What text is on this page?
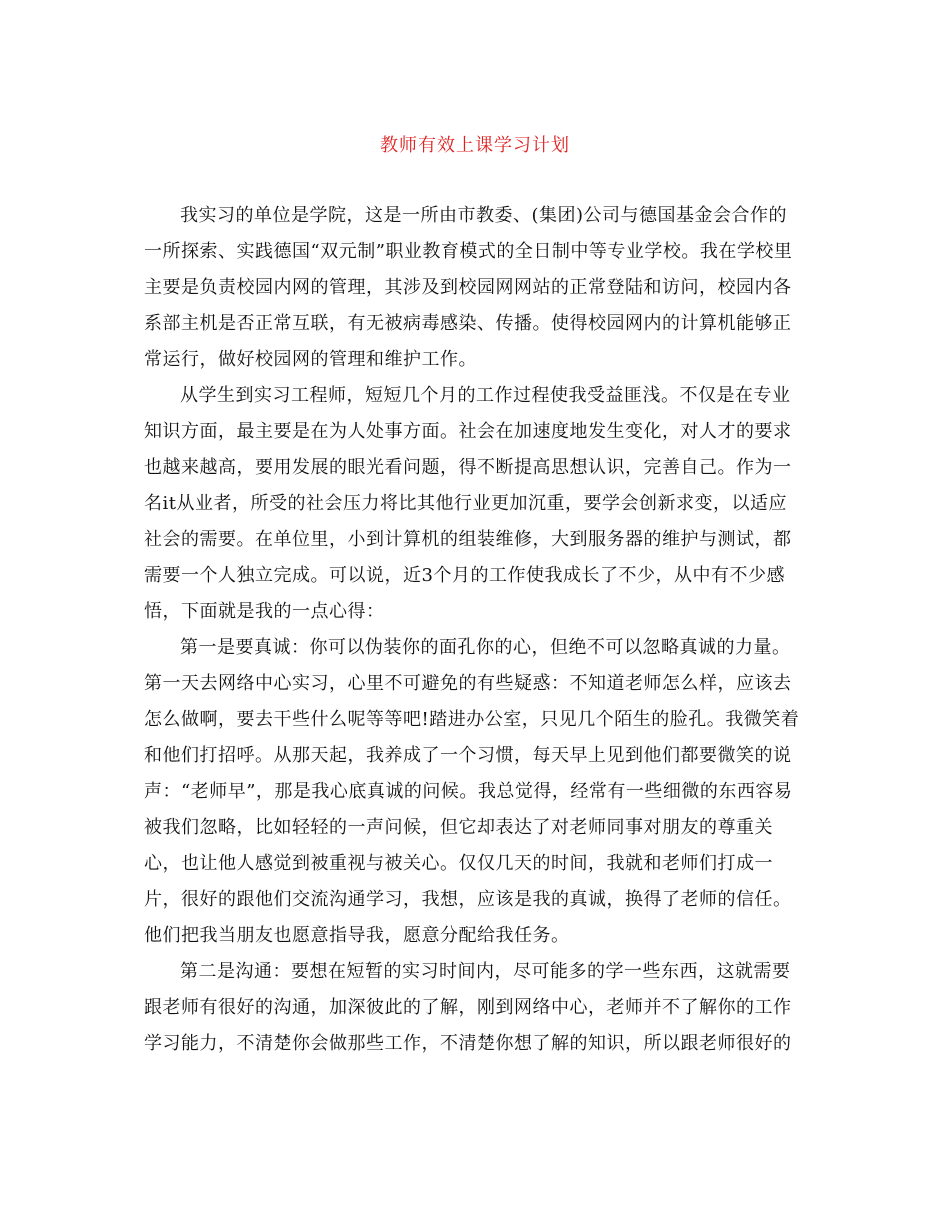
教师有效上课学习计划
我实习的单位是学院，这是一所由市教委、(集团)公司与德国基金会合作的
一所探索、实践德国“双元制”职业教育模式的全日制中等专业学校。我在学校里
主要是负责校园内网的管理，其涉及到校园网网站的正常登陆和访问，校园内各
系部主机是否正常互联，有无被病毒感染、传播。使得校园网内的计算机能够正
常运行，做好校园网的管理和维护工作。
从学生到实习工程师，短短几个月的工作过程使我受益匪浅。不仅是在专业
知识方面，最主要是在为人处事方面。社会在加速度地发生变化，对人才的要求
也越来越高，要用发展的眼光看问题，得不断提高思想认识，完善自己。作为一
名it从业者，所受的社会压力将比其他行业更加沉重，要学会创新求变，以适应
社会的需要。在单位里，小到计算机的组装维修，大到服务器的维护与测试，都
需要一个人独立完成。可以说，近3个月的工作使我成长了不少，从中有不少感
悟，下面就是我的一点心得：
第一是要真诚：你可以伪装你的面孔你的心，但绝不可以忽略真诚的力量。
第一天去网络中心实习，心里不可避免的有些疑惑：不知道老师怎么样，应该去
怎么做啊，要去干些什么呢等等吧!踏进办公室，只见几个陌生的脸孔。我微笑着
和他们打招呼。从那天起，我养成了一个习惯，每天早上见到他们都要微笑的说
声：“老师早”，那是我心底真诚的问候。我总觉得，经常有一些细微的东西容易
被我们忽略，比如轻轻的一声问候，但它却表达了对老师同事对朋友的尊重关
心，也让他人感觉到被重视与被关心。仅仅几天的时间，我就和老师们打成一
片，很好的跟他们交流沟通学习，我想，应该是我的真诚，换得了老师的信任。
他们把我当朋友也愿意指导我，愿意分配给我任务。
第二是沟通：要想在短暂的实习时间内，尽可能多的学一些东西，这就需要
跟老师有很好的沟通，加深彼此的了解，刚到网络中心，老师并不了解你的工作
学习能力，不清楚你会做那些工作，不清楚你想了解的知识，所以跟老师很好的
